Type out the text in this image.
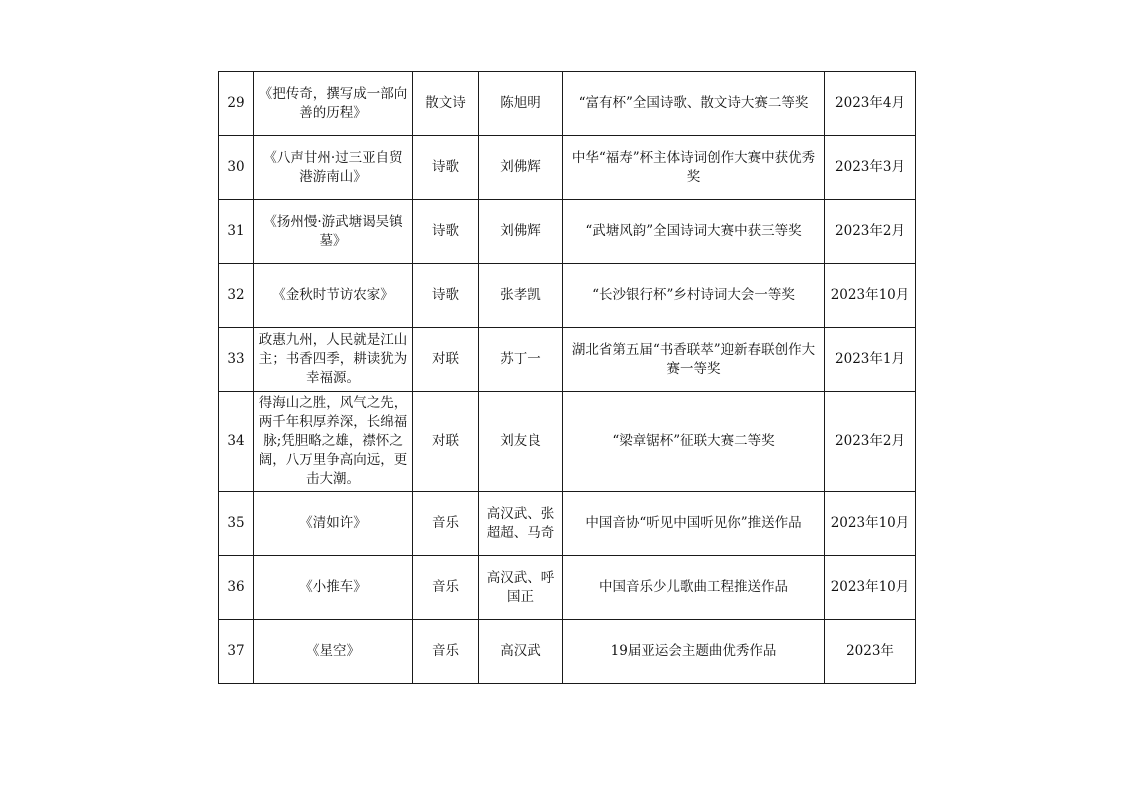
29	《把传奇，撰写成一部向善的历程》	散文诗	陈旭明	“富有杯”全国诗歌、散文诗大赛二等奖	2023年4月
30	《八声甘州·过三亚自贸港游南山》	诗歌	刘佛辉	中华“福寿”杯主体诗词创作大赛中获优秀奖	2023年3月
31	《扬州慢·游武塘谒吴镇墓》	诗歌	刘佛辉	“武塘风韵”全国诗词大赛中获三等奖	2023年2月
32	《金秋时节访农家》	诗歌	张孝凯	“长沙银行杯”乡村诗词大会一等奖	2023年10月
33	政惠九州，人民就是江山主；书香四季，耕读犹为幸福源。	对联	苏丁一	湖北省第五届“书香联萃”迎新春联创作大赛一等奖	2023年1月
34	得海山之胜，风气之先，两千年积厚养深，长绵福脉;凭胆略之雄，襟怀之阔，八万里争高向远，更击大潮。	对联	刘友良	“梁章锯杯”征联大赛二等奖	2023年2月
35	《清如许》	音乐	高汉武、张超超、马奇	中国音协“听见中国听见你”推送作品	2023年10月
36	《小推车》	音乐	高汉武、呼国正	中国音乐少儿歌曲工程推送作品	2023年10月
37	《星空》	音乐	高汉武	19届亚运会主题曲优秀作品	2023年
